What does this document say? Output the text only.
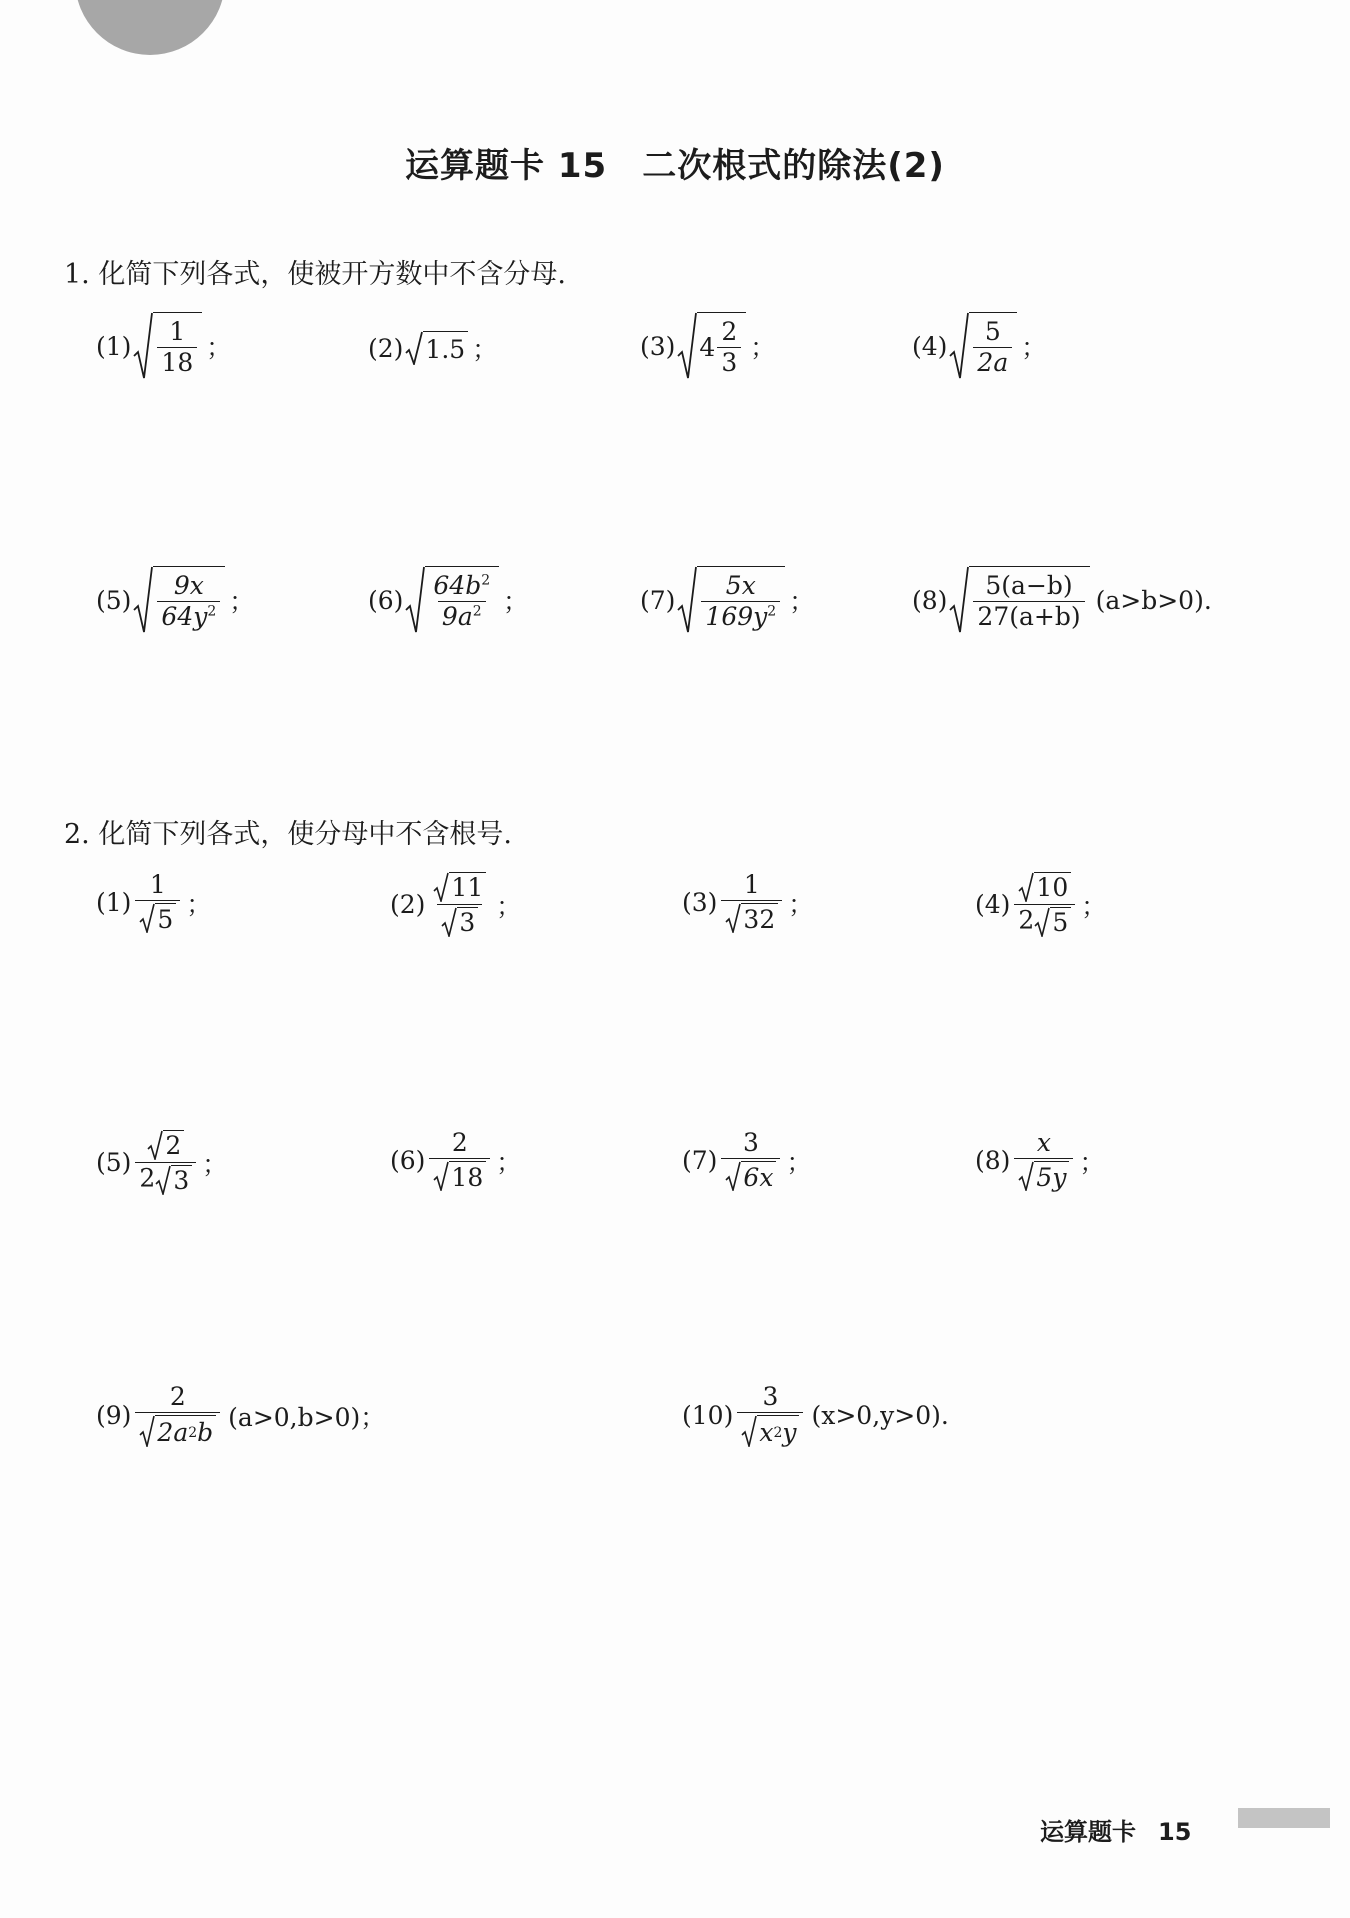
运算题卡 15　二次根式的除法(2)
1. 化简下列各式，使被开方数中不含分母.
$(1) \frac{1}{18}$ ；	(2) 1.5 ；	(3) $4 \frac{2}{3}$ ；	$(4) \frac{5}{2a}$ ；
$(5) \frac{9x}{64y^2}$ ；	$(6) \frac{64b^2}{9a^2}$ ；	$(7) \frac{5x}{169y^2}$ ；	$(8) \frac{5(a-b)}{27(a+b)} (a>b>0)$.
2. 化简下列各式，使分母中不含根号.
$(1) \frac{1}{5}$ ；	$(2) \frac{11}{3}$ ；	$(3) \frac{1}{32}$ ；	$(4) \frac{10}{2 5}$ ；
$(5) \frac{2}{2 3}$ ；	$(6) \frac{2}{18}$ ；	$(7) \frac{3}{6x}$ ；	$(8) \frac{x}{5y}$ ；
$(9) \frac{2}{2a 2 b} (a>0,b>0)$；	$(10) \frac{3}{x 2 y} (x>0,y>0)$.
运算题卡 15
